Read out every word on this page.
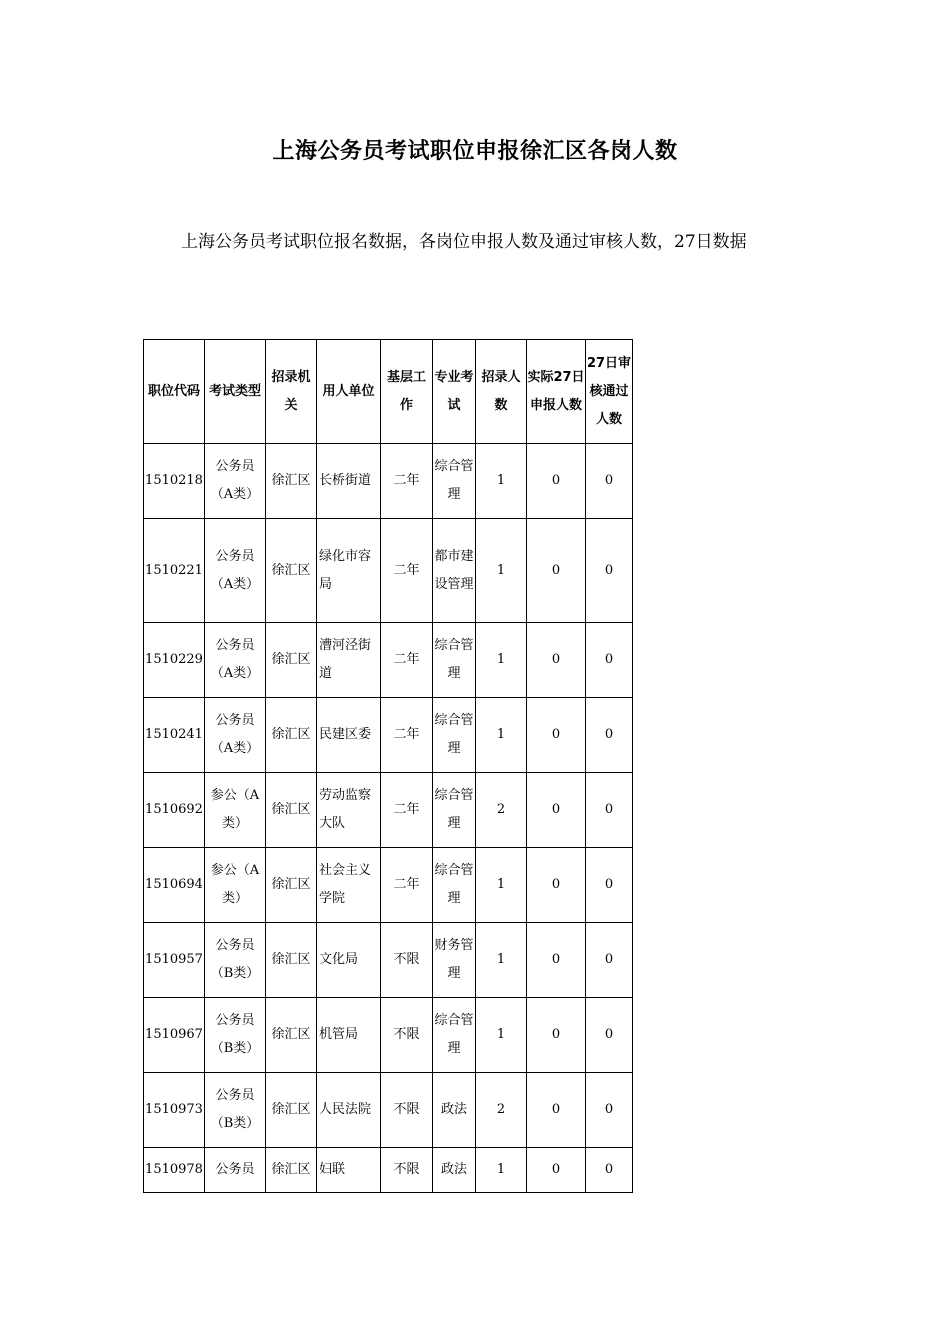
上海公务员考试职位申报徐汇区各岗人数
上海公务员考试职位报名数据，各岗位申报人数及通过审核人数，27日数据
职位代码	考试类型	招录机关	用人单位	基层工作	专业考试	招录人数	实际27日申报人数	27日审核通过人数
1510218	公务员（A类）	徐汇区	长桥街道	二年	综合管理	1	0	0
1510221	公务员（A类）	徐汇区	绿化市容局	二年	都市建设管理	1	0	0
1510229	公务员（A类）	徐汇区	漕河泾街道	二年	综合管理	1	0	0
1510241	公务员（A类）	徐汇区	民建区委	二年	综合管理	1	0	0
1510692	参公（A类）	徐汇区	劳动监察大队	二年	综合管理	2	0	0
1510694	参公（A类）	徐汇区	社会主义学院	二年	综合管理	1	0	0
1510957	公务员（B类）	徐汇区	文化局	不限	财务管理	1	0	0
1510967	公务员（B类）	徐汇区	机管局	不限	综合管理	1	0	0
1510973	公务员（B类）	徐汇区	人民法院	不限	政法	2	0	0
1510978	公务员	徐汇区	妇联	不限	政法	1	0	0
